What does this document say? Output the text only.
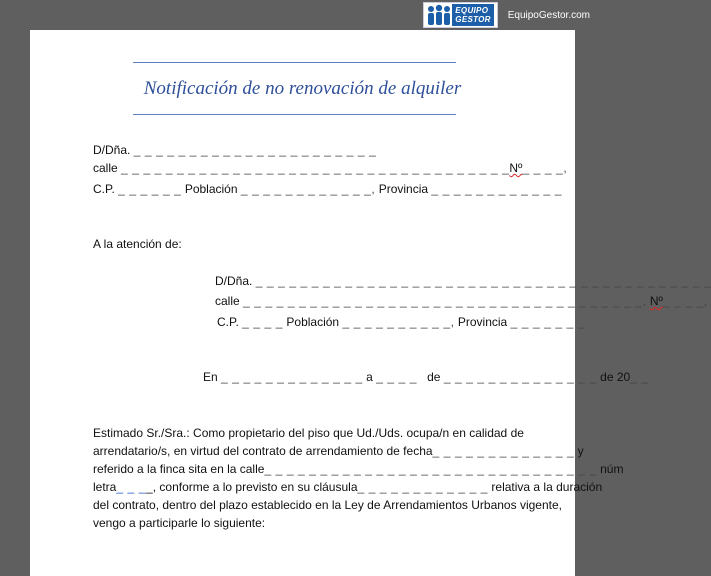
EQUIPO
GESTOR EquipoGestor.com
Notificación de no renovación de alquiler
D/Dña. _ _ _ _ _ _ _ _ _ _ _ _ _ _ _ _ _ _ _ _ _ _
calle _ _ _ _ _ _ _ _ _ _ _ _ _ _ _ _ _ _ _ _ _ _ _ _ _ _ _ _ _ _ _ _ _ _ _Nº_ _ _ _,
C.P. _ _ _ _ _ _ Población _ _ _ _ _ _ _ _ _ _ _ _, Provincia _ _ _ _ _ _ _ _ _ _ _ _
A la atención de:
D/Dña. _ _ _ _ _ _ _ _ _ _ _ _ _ _ _ _ _ _ _ _ _ _ _ _ _ _ _ _ _ _ _ _ _ _ _ _ _ _ _ _ _
calle _ _ _ _ _ _ _ _ _ _ _ _ _ _ _ _ _ _ _ _ _ _ _ _ _ _ _ _ _ _ _ _ _ _ _ _, Nº_ _ _ _,
C.P. _ _ _ _ Población _ _ _ _ _ _ _ _ _ _, Provincia _ _ _ _ _ _ _
En _ _ _ _ _ _ _ _ _ _ _ _ _ a _ _ _ _ de _ _ _ _ _ _ _ _ _ _ _ _ _ _ de 20_ _
Estimado Sr./Sra.: Como propietario del piso que Ud./Uds. ocupa/n en calidad de
arrendatario/s, en virtud del contrato de arrendamiento de fecha_ _ _ _ _ _ _ _ _ _ _ _ _ y
referido a la finca sita en la calle_ _ _ _ _ _ _ _ _ _ _ _ _ _ _ _ _ _ _ _ _ _ _ _ _ _ _ _ _ _ núm
letra_ _ __, conforme a lo previsto en su cláusula_ _ _ _ _ _ _ _ _ _ _ _ relativa a la duración
del contrato, dentro del plazo establecido en la Ley de Arrendamientos Urbanos vigente,
vengo a participarle lo siguiente:
